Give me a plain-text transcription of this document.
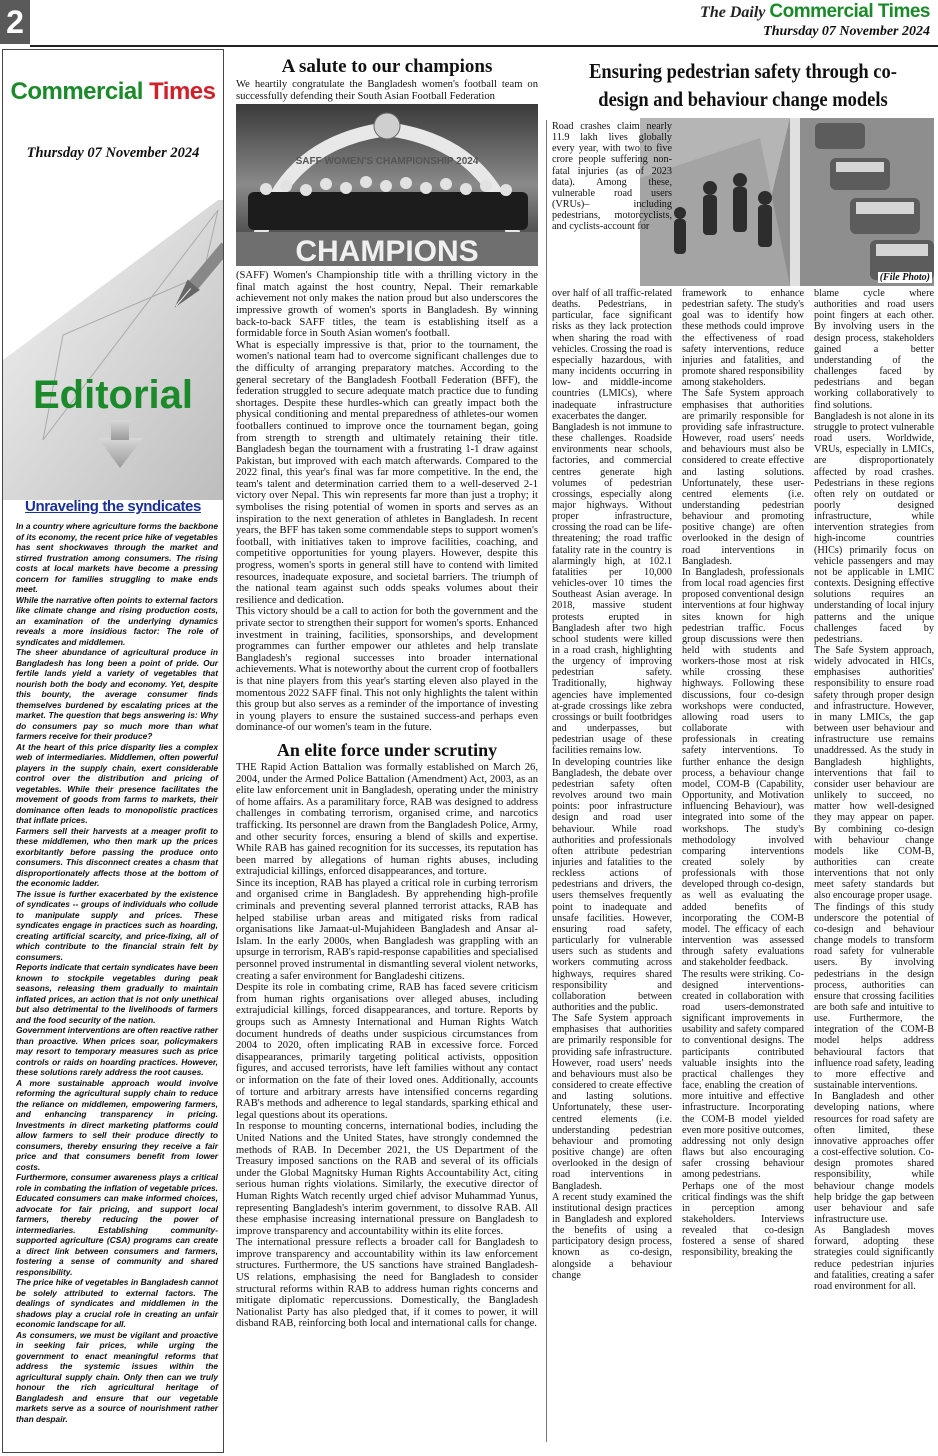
2	The Daily Commercial Times
Thursday 07 November 2024
Commercial Times
Thursday 07 November 2024
Editorial
Unraveling the syndicates

In a country where agriculture forms the backbone of its economy, the recent price hike of vegetables has sent shockwaves through the market and stirred frustration among consumers. The rising costs at local markets have become a pressing concern for families struggling to make ends meet.

While the narrative often points to external factors like climate change and rising production costs, an examination of the underlying dynamics reveals a more insidious factor: The role of syndicates and middlemen.

The sheer abundance of agricultural produce in Bangladesh has long been a point of pride. Our fertile lands yield a variety of vegetables that nourish both the body and economy. Yet, despite this bounty, the average consumer finds themselves burdened by escalating prices at the market. The question that begs answering is: Why do consumers pay so much more than what farmers receive for their produce?

At the heart of this price disparity lies a complex web of intermediaries. Middlemen, often powerful players in the supply chain, exert considerable control over the distribution and pricing of vegetables. While their presence facilitates the movement of goods from farms to markets, their dominance often leads to monopolistic practices that inflate prices.

Farmers sell their harvests at a meager profit to these middlemen, who then mark up the prices exorbitantly before passing the produce onto consumers. This disconnect creates a chasm that disproportionately affects those at the bottom of the economic ladder.

The issue is further exacerbated by the existence of syndicates -- groups of individuals who collude to manipulate supply and prices. These syndicates engage in practices such as hoarding, creating artificial scarcity, and price-fixing, all of which contribute to the financial strain felt by consumers.

Reports indicate that certain syndicates have been known to stockpile vegetables during peak seasons, releasing them gradually to maintain inflated prices, an action that is not only unethical but also detrimental to the livelihoods of farmers and the food security of the nation.

Government interventions are often reactive rather than proactive. When prices soar, policymakers may resort to temporary measures such as price controls or raids on hoarding practices. However, these solutions rarely address the root causes.

A more sustainable approach would involve reforming the agricultural supply chain to reduce the reliance on middlemen, empowering farmers, and enhancing transparency in pricing. Investments in direct marketing platforms could allow farmers to sell their produce directly to consumers, thereby ensuring they receive a fair price and that consumers benefit from lower costs.

Furthermore, consumer awareness plays a critical role in combating the inflation of vegetable prices. Educated consumers can make informed choices, advocate for fair pricing, and support local farmers, thereby reducing the power of intermediaries. Establishing community-supported agriculture (CSA) programs can create a direct link between consumers and farmers, fostering a sense of community and shared responsibility.

The price hike of vegetables in Bangladesh cannot be solely attributed to external factors. The dealings of syndicates and middlemen in the shadows play a crucial role in creating an unfair economic landscape for all.

As consumers, we must be vigilant and proactive in seeking fair prices, while urging the government to enact meaningful reforms that address the systemic issues within the agricultural supply chain. Only then can we truly honour the rich agricultural heritage of Bangladesh and ensure that our vegetable markets serve as a source of nourishment rather than despair.

A salute to our champions

We heartily congratulate the Bangladesh women's football team on successfully defending their South Asian Football Federation

SAFF WOMEN'S CHAMPIONSHIP 2024
CHAMPIONS

(SAFF) Women's Championship title with a thrilling victory in the final match against the host country, Nepal. Their remarkable achievement not only makes the nation proud but also underscores the impressive growth of women's sports in Bangladesh. By winning back-to-back SAFF titles, the team is establishing itself as a formidable force in South Asian women's football.

What is especially impressive is that, prior to the tournament, the women's national team had to overcome significant challenges due to the difficulty of arranging preparatory matches. According to the general secretary of the Bangladesh Football Federation (BFF), the federation struggled to secure adequate match practice due to funding shortages. Despite these hurdles-which can greatly impact both the physical conditioning and mental preparedness of athletes-our women footballers continued to improve once the tournament began, going from strength to strength and ultimately retaining their title. Bangladesh began the tournament with a frustrating 1-1 draw against Pakistan, but improved with each match afterwards. Compared to the 2022 final, this year's final was far more competitive. In the end, the team's talent and determination carried them to a well-deserved 2-1 victory over Nepal. This win represents far more than just a trophy; it symbolises the rising potential of women in sports and serves as an inspiration to the next generation of athletes in Bangladesh. In recent years, the BFF has taken some commendable steps to support women's football, with initiatives taken to improve facilities, coaching, and competitive opportunities for young players. However, despite this progress, women's sports in general still have to contend with limited resources, inadequate exposure, and societal barriers. The triumph of the national team against such odds speaks volumes about their resilience and dedication.

This victory should be a call to action for both the government and the private sector to strengthen their support for women's sports. Enhanced investment in training, facilities, sponsorships, and development programmes can further empower our athletes and help translate Bangladesh's regional successes into broader international achievements. What is noteworthy about the current crop of footballers is that nine players from this year's starting eleven also played in the momentous 2022 SAFF final. This not only highlights the talent within this group but also serves as a reminder of the importance of investing in young players to ensure the sustained success-and perhaps even dominance-of our women's team in the future.

An elite force under scrutiny

THE Rapid Action Battalion was formally established on March 26, 2004, under the Armed Police Battalion (Amendment) Act, 2003, as an elite law enforcement unit in Bangladesh, operating under the ministry of home affairs. As a paramilitary force, RAB was designed to address challenges in combating terrorism, organised crime, and narcotics trafficking. Its personnel are drawn from the Bangladesh Police, Army, and other security forces, ensuring a blend of skills and expertise. While RAB has gained recognition for its successes, its reputation has been marred by allegations of human rights abuses, including extrajudicial killings, enforced disappearances, and torture.

Since its inception, RAB has played a critical role in curbing terrorism and organised crime in Bangladesh. By apprehending high-profile criminals and preventing several planned terrorist attacks, RAB has helped stabilise urban areas and mitigated risks from radical organisations like Jamaat-ul-Mujahideen Bangladesh and Ansar al-Islam. In the early 2000s, when Bangladesh was grappling with an upsurge in terrorism, RAB's rapid-response capabilities and specialised personnel proved instrumental in dismantling several violent networks, creating a safer environment for Bangladeshi citizens.

Despite its role in combating crime, RAB has faced severe criticism from human rights organisations over alleged abuses, including extrajudicial killings, forced disappearances, and torture. Reports by groups such as Amnesty International and Human Rights Watch document hundreds of deaths under suspicious circumstances from 2004 to 2020, often implicating RAB in excessive force. Forced disappearances, primarily targeting political activists, opposition figures, and accused terrorists, have left families without any contact or information on the fate of their loved ones. Additionally, accounts of torture and arbitrary arrests have intensified concerns regarding RAB's methods and adherence to legal standards, sparking ethical and legal questions about its operations.

In response to mounting concerns, international bodies, including the United Nations and the United States, have strongly condemned the methods of RAB. In December 2021, the US Department of the Treasury imposed sanctions on the RAB and several of its officials under the Global Magnitsky Human Rights Accountability Act, citing serious human rights violations. Similarly, the executive director of Human Rights Watch recently urged chief advisor Muhammad Yunus, representing Bangladesh's interim government, to dissolve RAB. All these emphasise increasing international pressure on Bangladesh to improve transparency and accountability within its elite forces.

The international pressure reflects a broader call for Bangladesh to improve transparency and accountability within its law enforcement structures. Furthermore, the US sanctions have strained Bangladesh-US relations, emphasising the need for Bangladesh to consider structural reforms within RAB to address human rights concerns and mitigate diplomatic repercussions. Domestically, the Bangladesh Nationalist Party has also pledged that, if it comes to power, it will disband RAB, reinforcing both local and international calls for change.

Ensuring pedestrian safety through co-design and behaviour change models
(File Photo)

Road crashes claim nearly 11.9 lakh lives globally every year, with two to five crore people suffering non-fatal injuries (as of 2023 data). Among these, vulnerable road users (VRUs)– including pedestrians, motorcyclists, and cyclists-account for

over half of all traffic-related deaths. Pedestrians, in particular, face significant risks as they lack protection when sharing the road with vehicles. Crossing the road is especially hazardous, with many incidents occurring in low- and middle-income countries (LMICs), where inadequate infrastructure exacerbates the danger.

Bangladesh is not immune to these challenges. Roadside environments near schools, factories, and commercial centres generate high volumes of pedestrian crossings, especially along major highways. Without proper infrastructure, crossing the road can be life-threatening; the road traffic fatality rate in the country is alarmingly high, at 102.1 fatalities per 10,000 vehicles-over 10 times the Southeast Asian average. In 2018, massive student protests erupted in Bangladesh after two high school students were killed in a road crash, highlighting the urgency of improving pedestrian safety. Traditionally, highway agencies have implemented at-grade crossings like zebra crossings or built footbridges and underpasses, but pedestrian usage of these facilities remains low.

In developing countries like Bangladesh, the debate over pedestrian safety often revolves around two main points: poor infrastructure design and road user behaviour. While road authorities and professionals often attribute pedestrian injuries and fatalities to the reckless actions of pedestrians and drivers, the users themselves frequently point to inadequate and unsafe facilities. However, ensuring road safety, particularly for vulnerable users such as students and workers commuting across highways, requires shared responsibility and collaboration between authorities and the public.

The Safe System approach emphasises that authorities are primarily responsible for providing safe infrastructure. However, road users' needs and behaviours must also be considered to create effective and lasting solutions. Unfortunately, these user-centred elements (i.e. understanding pedestrian behaviour and promoting positive change) are often overlooked in the design of road interventions in Bangladesh.

A recent study examined the institutional design practices in Bangladesh and explored the benefits of using a participatory design process, known as co-design, alongside a behaviour change

framework to enhance pedestrian safety. The study's goal was to identify how these methods could improve the effectiveness of road safety interventions, reduce injuries and fatalities, and promote shared responsibility among stakeholders.

The Safe System approach emphasises that authorities are primarily responsible for providing safe infrastructure. However, road users' needs and behaviours must also be considered to create effective and lasting solutions. Unfortunately, these user-centred elements (i.e. understanding pedestrian behaviour and promoting positive change) are often overlooked in the design of road interventions in Bangladesh.

In Bangladesh, professionals from local road agencies first proposed conventional design interventions at four highway sites known for high pedestrian traffic. Focus group discussions were then held with students and workers-those most at risk while crossing these highways. Following these discussions, four co-design workshops were conducted, allowing road users to collaborate with professionals in creating safety interventions. To further enhance the design process, a behaviour change model, COM-B (Capability, Opportunity, and Motivation influencing Behaviour), was integrated into some of the workshops. The study's methodology involved comparing interventions created solely by professionals with those developed through co-design, as well as evaluating the added benefits of incorporating the COM-B model. The efficacy of each intervention was assessed through safety evaluations and stakeholder feedback.

The results were striking. Co-designed interventions-created in collaboration with road users-demonstrated significant improvements in usability and safety compared to conventional designs. The participants contributed valuable insights into the practical challenges they face, enabling the creation of more intuitive and effective infrastructure. Incorporating the COM-B model yielded even more positive outcomes, addressing not only design flaws but also encouraging safer crossing behaviour among pedestrians.

Perhaps one of the most critical findings was the shift in perception among stakeholders. Interviews revealed that co-design fostered a sense of shared responsibility, breaking the

blame cycle where authorities and road users point fingers at each other. By involving users in the design process, stakeholders gained a better understanding of the challenges faced by pedestrians and began working collaboratively to find solutions.

Bangladesh is not alone in its struggle to protect vulnerable road users. Worldwide, VRUs, especially in LMICs, are disproportionately affected by road crashes. Pedestrians in these regions often rely on outdated or poorly designed infrastructure, while intervention strategies from high-income countries (HICs) primarily focus on vehicle passengers and may not be applicable in LMIC contexts. Designing effective solutions requires an understanding of local injury patterns and the unique challenges faced by pedestrians.

The Safe System approach, widely advocated in HICs, emphasises authorities' responsibility to ensure road safety through proper design and infrastructure. However, in many LMICs, the gap between user behaviour and infrastructure use remains unaddressed. As the study in Bangladesh highlights, interventions that fail to consider user behaviour are unlikely to succeed, no matter how well-designed they may appear on paper. By combining co-design with behaviour change models like COM-B, authorities can create interventions that not only meet safety standards but also encourage proper usage.

The findings of this study underscore the potential of co-design and behaviour change models to transform road safety for vulnerable users. By involving pedestrians in the design process, authorities can ensure that crossing facilities are both safe and intuitive to use. Furthermore, the integration of the COM-B model helps address behavioural factors that influence road safety, leading to more effective and sustainable interventions.

In Bangladesh and other developing nations, where resources for road safety are often limited, these innovative approaches offer a cost-effective solution. Co-design promotes shared responsibility, while behaviour change models help bridge the gap between user behaviour and safe infrastructure use.

As Bangladesh moves forward, adopting these strategies could significantly reduce pedestrian injuries and fatalities, creating a safer road environment for all.
